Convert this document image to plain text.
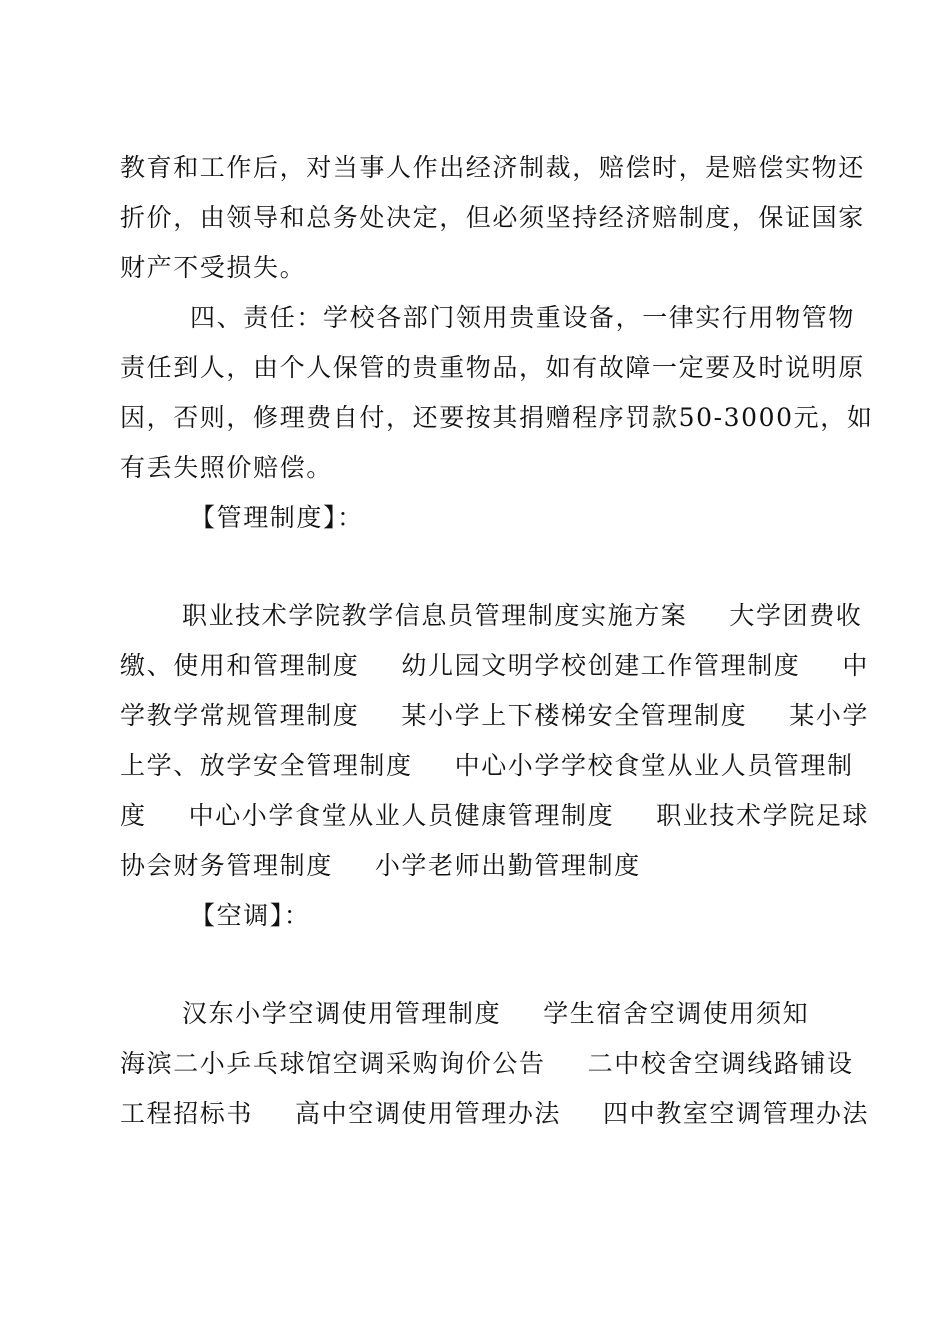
教育和工作后，对当事人作出经济制裁，赔偿时，是赔偿实物还
折价，由领导和总务处决定，但必须坚持经济赔制度，保证国家
财产不受损失。
四、责任：学校各部门领用贵重设备，一律实行用物管物
责任到人，由个人保管的贵重物品，如有故障一定要及时说明原
因，否则，修理费自付，还要按其捐赠程序罚款50-3000元，如
有丢失照价赔偿。
【管理制度】：
职业技术学院教学信息员管理制度实施方案 大学团费收
缴、使用和管理制度 幼儿园文明学校创建工作管理制度 中
学教学常规管理制度 某小学上下楼梯安全管理制度 某小学
上学、放学安全管理制度 中心小学学校食堂从业人员管理制
度 中心小学食堂从业人员健康管理制度 职业技术学院足球
协会财务管理制度 小学老师出勤管理制度
【空调】：
汉东小学空调使用管理制度 学生宿舍空调使用须知
海滨二小乒乓球馆空调采购询价公告 二中校舍空调线路铺设
工程招标书 高中空调使用管理办法 四中教室空调管理办法
